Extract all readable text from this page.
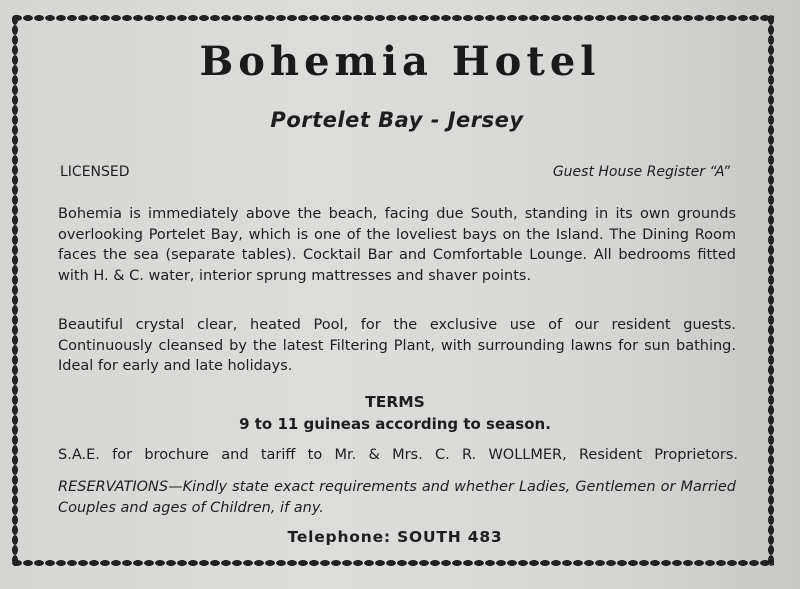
Bohemia Hotel
Portelet Bay - Jersey
LICENSED	Guest House Register “A”
Bohemia is immediately above the beach, facing due South, standing in its own grounds overlooking Portelet Bay, which is one of the loveliest bays on the Island. The Dining Room faces the sea (separate tables). Cocktail Bar and Comfortable Lounge. All bedrooms fitted with H. & C. water, interior sprung mattresses and shaver points.
Beautiful crystal clear, heated Pool, for the exclusive use of our resident guests. Continuously cleansed by the latest Filtering Plant, with surrounding lawns for sun bathing. Ideal for early and late holidays.
TERMS
9 to 11 guineas according to season.
S.A.E. for brochure and tariff to Mr. & Mrs. C. R. WOLLMER, Resident Proprietors.
RESERVATIONS—Kindly state exact requirements and whether Ladies, Gentlemen or Married Couples and ages of Children, if any.
Telephone: SOUTH 483
